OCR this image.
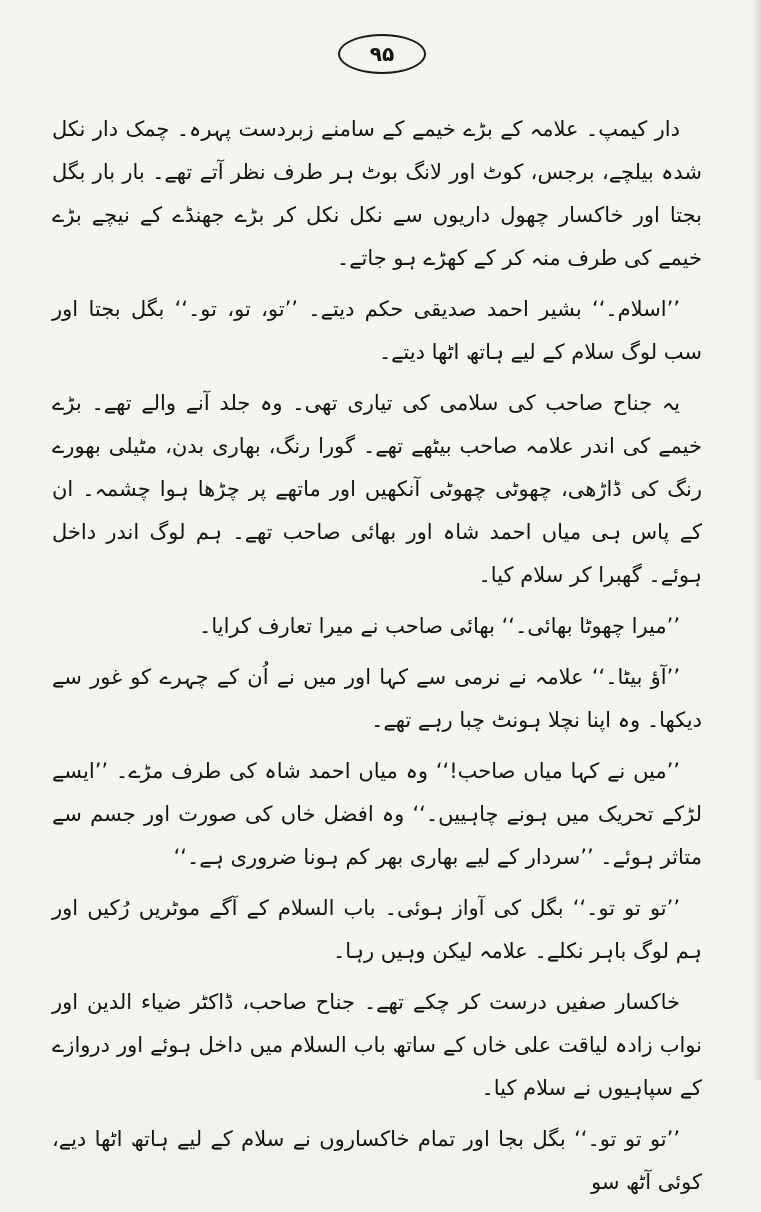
۹۵

دار کیمپ۔ علامہ کے بڑے خیمے کے سامنے زبردست پہرہ۔ چمک دار نکل شدہ بیلچے، برجس، کوٹ اور لانگ بوٹ ہر طرف نظر آتے تھے۔ بار بار بگل بجتا اور خاکسار چھول داریوں سے نکل نکل کر بڑے جھنڈے کے نیچے بڑے خیمے کی طرف منہ کر کے کھڑے ہو جاتے۔

’’اسلام۔‘‘ بشیر احمد صدیقی حکم دیتے۔ ’’تو، تو، تو۔‘‘ بگل بجتا اور سب لوگ سلام کے لیے ہاتھ اٹھا دیتے۔

یہ جناح صاحب کی سلامی کی تیاری تھی۔ وہ جلد آنے والے تھے۔ بڑے خیمے کی اندر علامہ صاحب بیٹھے تھے۔ گورا رنگ، بھاری بدن، مٹیلی بھورے رنگ کی ڈاڑھی، چھوٹی چھوٹی آنکھیں اور ماتھے پر چڑھا ہوا چشمہ۔ ان کے پاس ہی میاں احمد شاہ اور بھائی صاحب تھے۔ ہم لوگ اندر داخل ہوئے۔ گھبرا کر سلام کیا۔

’’میرا چھوٹا بھائی۔‘‘ بھائی صاحب نے میرا تعارف کرایا۔

’’آؤ بیٹا۔‘‘ علامہ نے نرمی سے کہا اور میں نے اُن کے چہرے کو غور سے دیکھا۔ وہ اپنا نچلا ہونٹ چبا رہے تھے۔

’’میں نے کہا میاں صاحب!‘‘ وہ میاں احمد شاہ کی طرف مڑے۔ ’’ایسے لڑکے تحریک میں ہونے چاہییں۔‘‘ وہ افضل خاں کی صورت اور جسم سے متاثر ہوئے۔ ’’سردار کے لیے بھاری بھر کم ہونا ضروری ہے۔‘‘

’’تو تو تو۔‘‘ بگل کی آواز ہوئی۔ باب السلام کے آگے موٹریں رُکیں اور ہم لوگ باہر نکلے۔ علامہ لیکن وہیں رہا۔

خاکسار صفیں درست کر چکے تھے۔ جناح صاحب، ڈاکٹر ضیاء الدین اور نواب زادہ لیاقت علی خاں کے ساتھ باب السلام میں داخل ہوئے اور دروازے کے سپاہیوں نے سلام کیا۔

’’تو تو تو۔‘‘ بگل بجا اور تمام خاکساروں نے سلام کے لیے ہاتھ اٹھا دیے، کوئی آٹھ سو
